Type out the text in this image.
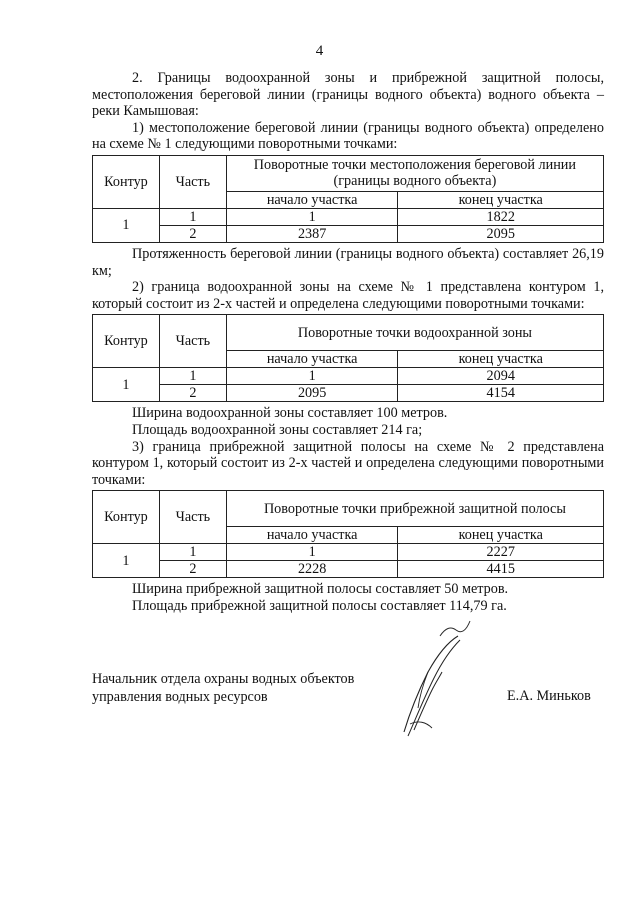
4

2. Границы водоохранной зоны и прибрежной защитной полосы, местоположения береговой линии (границы водного объекта) водного объекта – реки Камышовая:

1) местоположение береговой линии (границы водного объекта) определено на схеме № 1 следующими поворотными точками:

Контур	Часть	Поворотные точки местоположения береговой линии (границы водного объекта)	
		начало участка	конец участка
1	1	1	1822
	2	2387	2095

Протяженность береговой линии (границы водного объекта) составляет 26,19 км;

2) граница водоохранной зоны на схеме № 1 представлена контуром 1, который состоит из 2-х частей и определена следующими поворотными точками:

Контур	Часть	Поворотные точки водоохранной зоны	
		начало участка	конец участка
1	1	1	2094
	2	2095	4154

Ширина водоохранной зоны составляет 100 метров.

Площадь водоохранной зоны составляет 214 га;

3) граница прибрежной защитной полосы на схеме № 2 представлена контуром 1, который состоит из 2-х частей и определена следующими поворотными точками:

Контур	Часть	Поворотные точки прибрежной защитной полосы	
		начало участка	конец участка
1	1	1	2227
	2	2228	4415

Ширина прибрежной защитной полосы составляет 50 метров.

Площадь прибрежной защитной полосы составляет 114,79 га.

Начальник отдела охраны водных объектов
управления водных ресурсов	Е.А. Миньков
